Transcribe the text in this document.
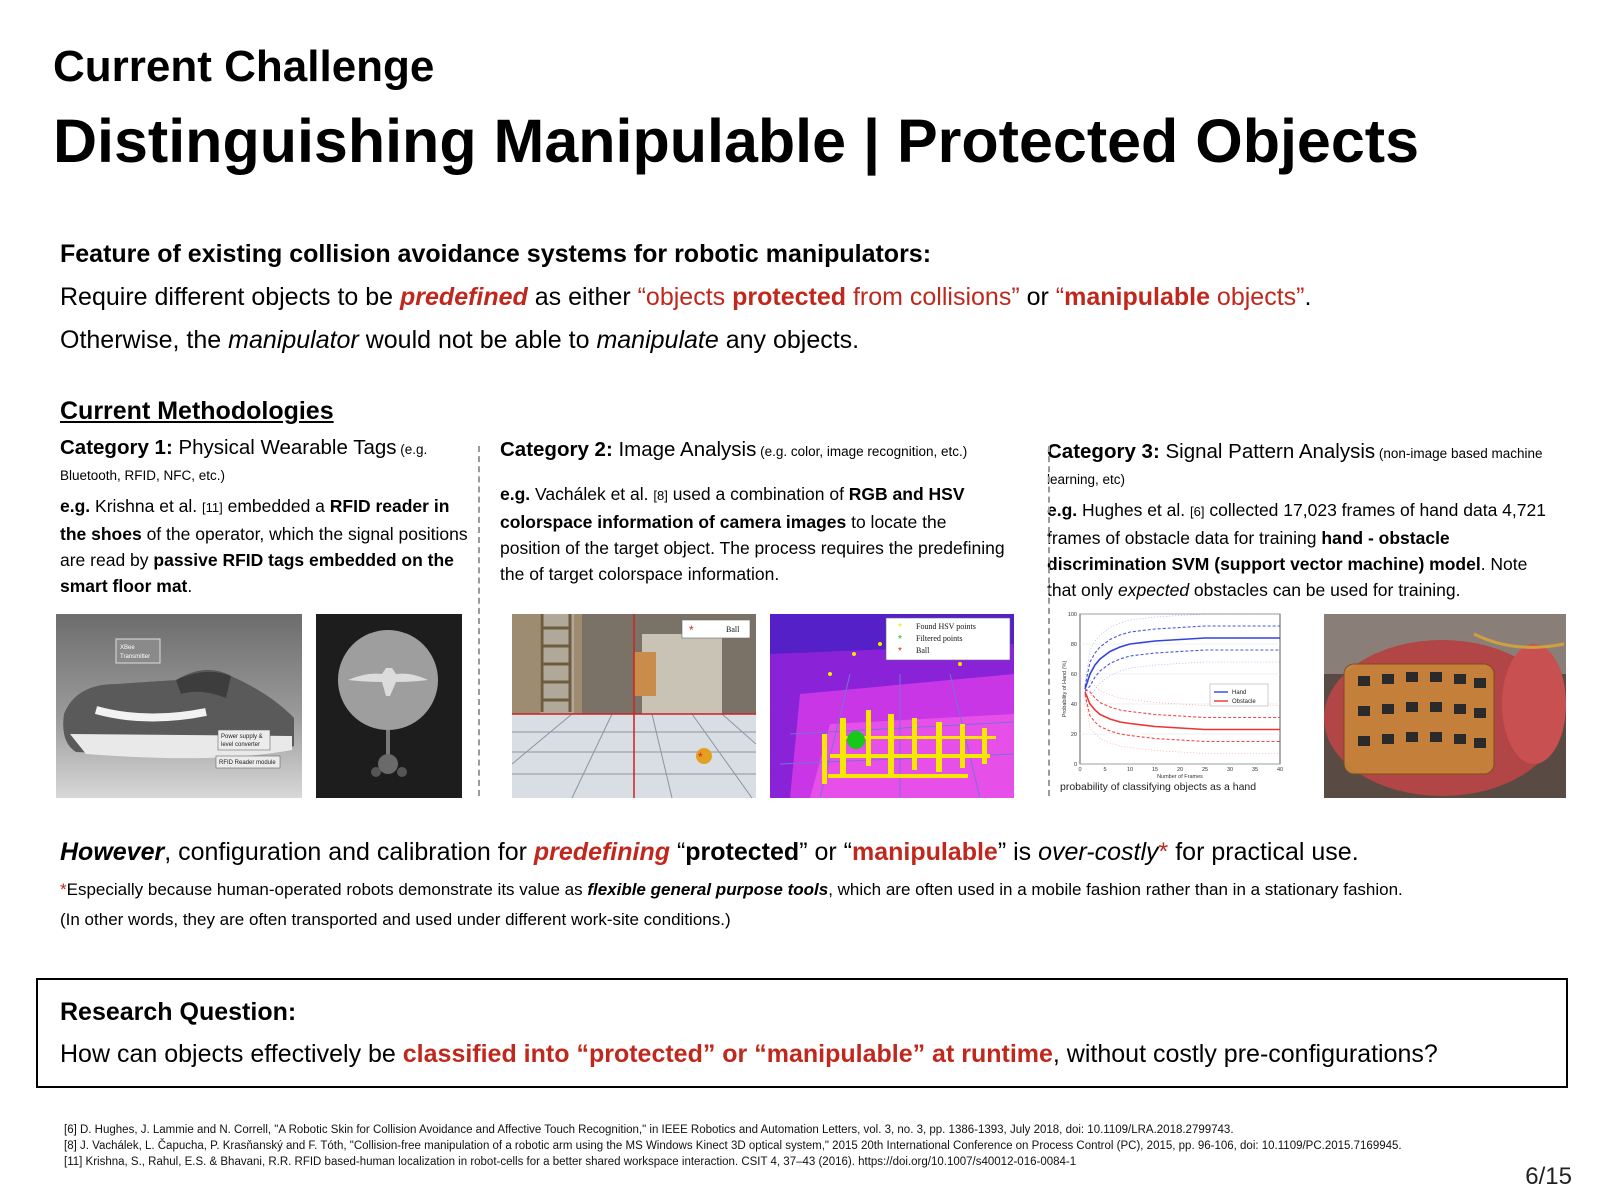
Current Challenge
Distinguishing Manipulable | Protected Objects
Feature of existing collision avoidance systems for robotic manipulators:
Require different objects to be predefined as either “objects protected from collisions” or “manipulable objects”.
Otherwise, the manipulator would not be able to manipulate any objects.
Current Methodologies
Category 1: Physical Wearable Tags (e.g. Bluetooth, RFID, NFC, etc.)
e.g. Krishna et al. [11] embedded a RFID reader in the shoes of the operator, which the signal positions are read by passive RFID tags embedded on the smart floor mat.
Category 2: Image Analysis (e.g. color, image recognition, etc.)
e.g. Vachálek et al. [8] used a combination of RGB and HSV colorspace information of camera images to locate the position of the target object. The process requires the predefining the of target colorspace information.
Category 3: Signal Pattern Analysis (non-image based machine learning, etc)
e.g. Hughes et al. [6] collected 17,023 frames of hand data 4,721 frames of obstacle data for training hand - obstacle discrimination SVM (support vector machine) model. Note that only expected obstacles can be used for training.
XBee
Transmitter
Power supply &
level converter
RFID Reader module	*
*	Ball	* Found HSV points
* Filtered points
* Ball
0
20
40
60
80
100
0	5	10	15	20	25	30	35	40
Hand
Obstacle
Number of Frames
Probability of Hand (%)
probability of classifying objects as a hand
However, configuration and calibration for predefining “protected” or “manipulable” is over-costly* for practical use.
*Especially because human-operated robots demonstrate its value as flexible general purpose tools, which are often used in a mobile fashion rather than in a stationary fashion.
(In other words, they are often transported and used under different work-site conditions.)
Research Question:
How can objects effectively be classified into “protected” or “manipulable” at runtime, without costly pre-configurations?
[6] D. Hughes, J. Lammie and N. Correll, "A Robotic Skin for Collision Avoidance and Affective Touch Recognition," in IEEE Robotics and Automation Letters, vol. 3, no. 3, pp. 1386-1393, July 2018, doi: 10.1109/LRA.2018.2799743.
[8] J. Vachálek, L. Čapucha, P. Krasňanský and F. Tóth, "Collision-free manipulation of a robotic arm using the MS Windows Kinect 3D optical system," 2015 20th International Conference on Process Control (PC), 2015, pp. 96-106, doi: 10.1109/PC.2015.7169945.
[11] Krishna, S., Rahul, E.S. & Bhavani, R.R. RFID based-human localization in robot-cells for a better shared workspace interaction. CSIT 4, 37–43 (2016). https://doi.org/10.1007/s40012-016-0084-1
6/15
